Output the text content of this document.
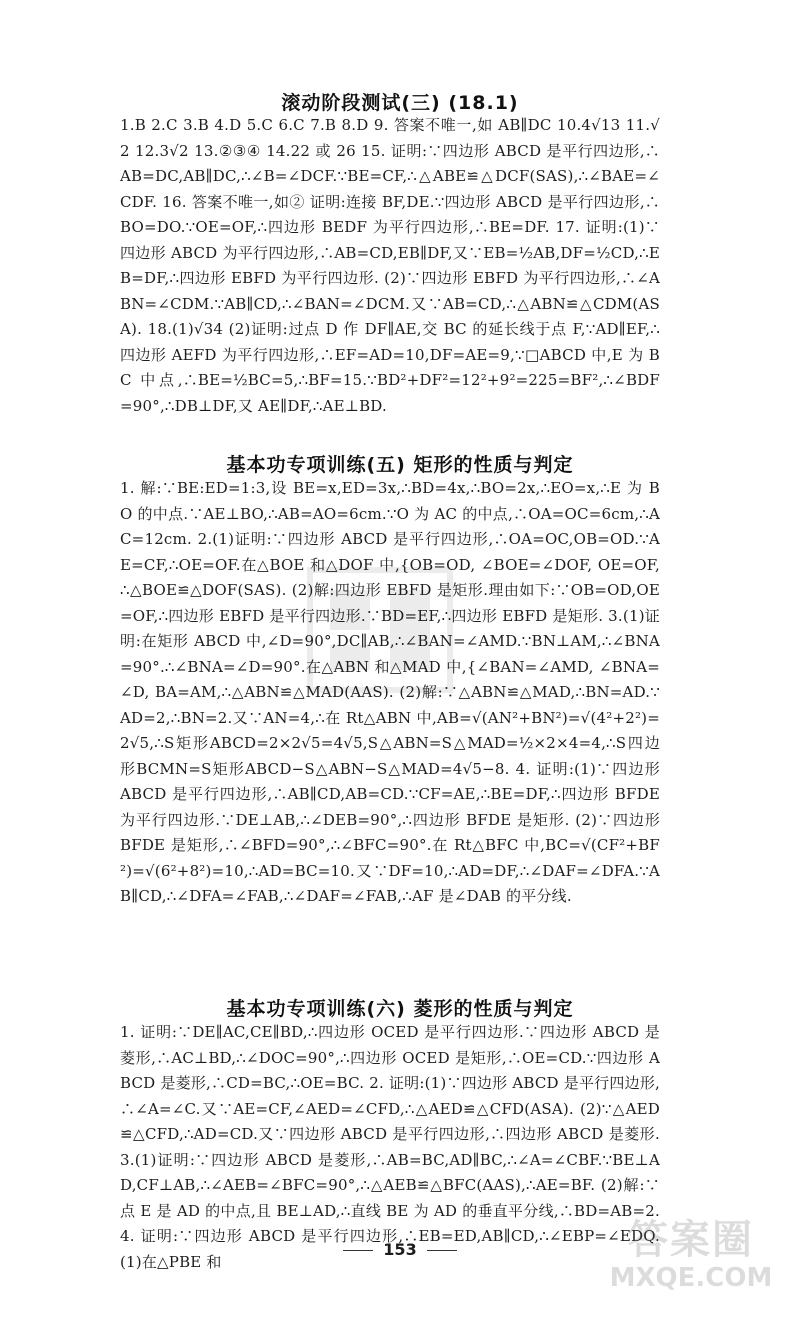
滚动阶段测试(三) (18.1)
1.B 2.C 3.B 4.D 5.C 6.C 7.B 8.D 9. 答案不唯一,如 AB∥DC 10.4√13 11.√2 12.3√2 13.②③④ 14.22 或 26 15. 证明:∵四边形 ABCD 是平行四边形,∴AB=DC,AB∥DC,∴∠B=∠DCF.∵BE=CF,∴△ABE≌△DCF(SAS),∴∠BAE=∠CDF. 16. 答案不唯一,如② 证明:连接 BF,DE.∵四边形 ABCD 是平行四边形,∴BO=DO.∵OE=OF,∴四边形 BEDF 为平行四边形,∴BE=DF. 17. 证明:(1)∵四边形 ABCD 为平行四边形,∴AB=CD,EB∥DF,又∵EB=½AB,DF=½CD,∴EB=DF,∴四边形 EBFD 为平行四边形. (2)∵四边形 EBFD 为平行四边形,∴∠ABN=∠CDM.∵AB∥CD,∴∠BAN=∠DCM.又∵AB=CD,∴△ABN≌△CDM(ASA). 18.(1)√34 (2)证明:过点 D 作 DF∥AE,交 BC 的延长线于点 F,∵AD∥EF,∴四边形 AEFD 为平行四边形,∴EF=AD=10,DF=AE=9,∵□ABCD 中,E 为 BC 中点,∴BE=½BC=5,∴BF=15.∵BD²+DF²=12²+9²=225=BF²,∴∠BDF=90°,∴DB⊥DF,又 AE∥DF,∴AE⊥BD.
基本功专项训练(五) 矩形的性质与判定
1. 解:∵BE:ED=1:3,设 BE=x,ED=3x,∴BD=4x,∴BO=2x,∴EO=x,∴E 为 BO 的中点.∵AE⊥BO,∴AB=AO=6cm.∵O 为 AC 的中点,∴OA=OC=6cm,∴AC=12cm. 2.(1)证明:∵四边形 ABCD 是平行四边形,∴OA=OC,OB=OD.∵AE=CF,∴OE=OF.在△BOE 和△DOF 中,{OB=OD, ∠BOE=∠DOF, OE=OF,∴△BOE≌△DOF(SAS). (2)解:四边形 EBFD 是矩形.理由如下:∵OB=OD,OE=OF,∴四边形 EBFD 是平行四边形.∵BD=EF,∴四边形 EBFD 是矩形. 3.(1)证明:在矩形 ABCD 中,∠D=90°,DC∥AB,∴∠BAN=∠AMD.∵BN⊥AM,∴∠BNA=90°.∴∠BNA=∠D=90°.在△ABN 和△MAD 中,{∠BAN=∠AMD, ∠BNA=∠D, BA=AM,∴△ABN≌△MAD(AAS). (2)解:∵△ABN≌△MAD,∴BN=AD.∵AD=2,∴BN=2.又∵AN=4,∴在 Rt△ABN 中,AB=√(AN²+BN²)=√(4²+2²)=2√5,∴S矩形ABCD=2×2√5=4√5,S△ABN=S△MAD=½×2×4=4,∴S四边形BCMN=S矩形ABCD−S△ABN−S△MAD=4√5−8. 4. 证明:(1)∵四边形 ABCD 是平行四边形,∴AB∥CD,AB=CD.∵CF=AE,∴BE=DF,∴四边形 BFDE 为平行四边形.∵DE⊥AB,∴∠DEB=90°,∴四边形 BFDE 是矩形. (2)∵四边形 BFDE 是矩形,∴∠BFD=90°,∴∠BFC=90°.在 Rt△BFC 中,BC=√(CF²+BF²)=√(6²+8²)=10,∴AD=BC=10.又∵DF=10,∴AD=DF,∴∠DAF=∠DFA.∵AB∥CD,∴∠DFA=∠FAB,∴∠DAF=∠FAB,∴AF 是∠DAB 的平分线.
基本功专项训练(六) 菱形的性质与判定
1. 证明:∵DE∥AC,CE∥BD,∴四边形 OCED 是平行四边形.∵四边形 ABCD 是菱形,∴AC⊥BD,∴∠DOC=90°,∴四边形 OCED 是矩形,∴OE=CD.∵四边形 ABCD 是菱形,∴CD=BC,∴OE=BC. 2. 证明:(1)∵四边形 ABCD 是平行四边形,∴∠A=∠C.又∵AE=CF,∠AED=∠CFD,∴△AED≌△CFD(ASA). (2)∵△AED≌△CFD,∴AD=CD.又∵四边形 ABCD 是平行四边形,∴四边形 ABCD 是菱形. 3.(1)证明:∵四边形 ABCD 是菱形,∴AB=BC,AD∥BC,∴∠A=∠CBF.∵BE⊥AD,CF⊥AB,∴∠AEB=∠BFC=90°,∴△AEB≌△BFC(AAS),∴AE=BF. (2)解:∵点 E 是 AD 的中点,且 BE⊥AD,∴直线 BE 为 AD 的垂直平分线,∴BD=AB=2. 4. 证明:∵四边形 ABCD 是平行四边形,∴EB=ED,AB∥CD,∴∠EBP=∠EDQ.(1)在△PBE 和
153	答案圈
MXQE.COM
